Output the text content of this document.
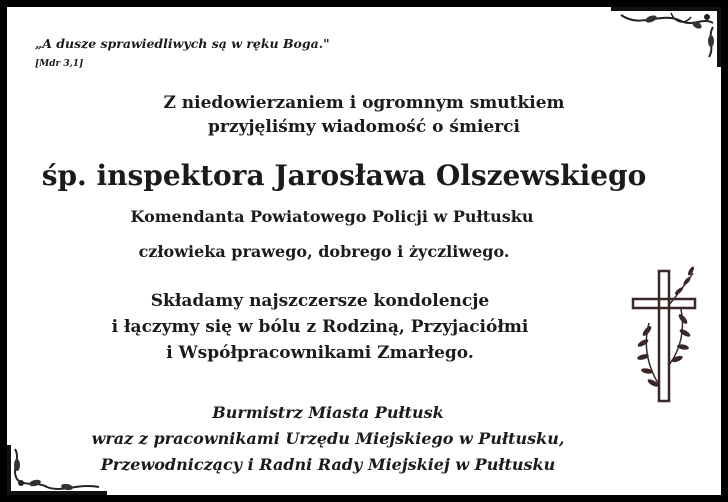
„A dusze sprawiedliwych są w ręku Boga."

[Mdr 3,1]

Z niedowierzaniem i ogromnym smutkiem

przyjęliśmy wiadomość o śmierci

śp. inspektora Jarosława Olszewskiego

Komendanta Powiatowego Policji w Pułtusku

człowieka prawego, dobrego i życzliwego.

Składamy najszczersze kondolencje

i łączymy się w bólu z Rodziną, Przyjaciółmi

i Współpracownikami Zmarłego.

Burmistrz Miasta Pułtusk

wraz z pracownikami Urzędu Miejskiego w Pułtusku,

Przewodniczący i Radni Rady Miejskiej w Pułtusku
